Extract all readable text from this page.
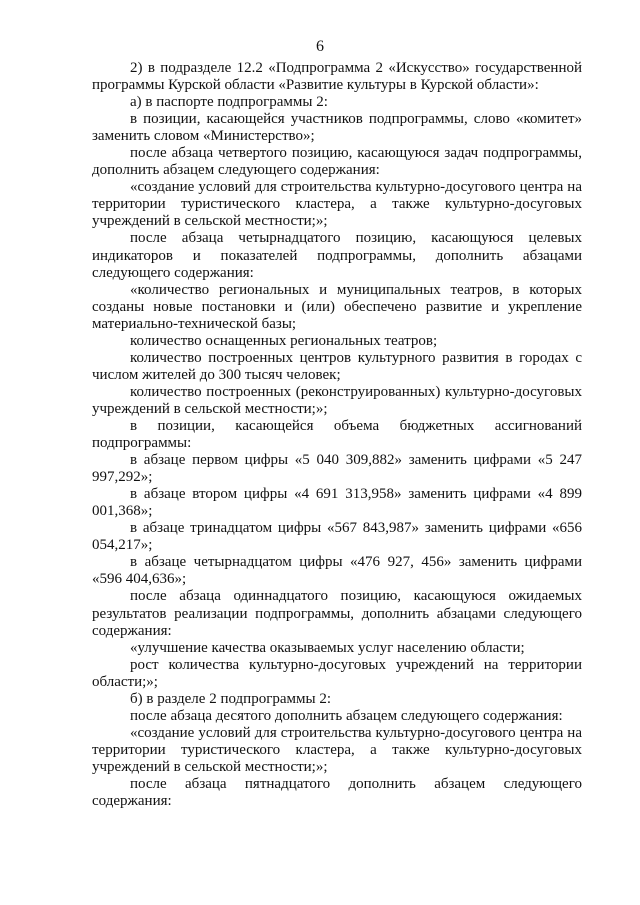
6

2) в подразделе 12.2 «Подпрограмма 2 «Искусство» государственной программы Курской области «Развитие культуры в Курской области»:

а) в паспорте подпрограммы 2:

в позиции, касающейся участников подпрограммы, слово «комитет» заменить словом «Министерство»;

после абзаца четвертого позицию, касающуюся задач подпрограммы, дополнить абзацем следующего содержания:

«создание условий для строительства культурно-досугового центра на территории туристического кластера, а также культурно-досуговых учреждений в сельской местности;»;

после абзаца четырнадцатого позицию, касающуюся целевых индикаторов и показателей подпрограммы, дополнить абзацами следующего содержания:

«количество региональных и муниципальных театров, в которых созданы новые постановки и (или) обеспечено развитие и укрепление материально-технической базы;

количество оснащенных региональных театров;

количество построенных центров культурного развития в городах с числом жителей до 300 тысяч человек;

количество построенных (реконструированных) культурно-досуговых учреждений в сельской местности;»;

в позиции, касающейся объема бюджетных ассигнований подпрограммы:

в абзаце первом цифры «5 040 309,882» заменить цифрами «5 247 997,292»;

в абзаце втором цифры «4 691 313,958» заменить цифрами «4 899 001,368»;

в абзаце тринадцатом цифры «567 843,987» заменить цифрами «656 054,217»;

в абзаце четырнадцатом цифры «476 927, 456» заменить цифрами «596 404,636»;

после абзаца одиннадцатого позицию, касающуюся ожидаемых результатов реализации подпрограммы, дополнить абзацами следующего содержания:

«улучшение качества оказываемых услуг населению области;

рост количества культурно-досуговых учреждений на территории области;»;

б) в разделе 2 подпрограммы 2:

после абзаца десятого дополнить абзацем следующего содержания:

«создание условий для строительства культурно-досугового центра на территории туристического кластера, а также культурно-досуговых учреждений в сельской местности;»;

после абзаца пятнадцатого дополнить абзацем следующего содержания:
